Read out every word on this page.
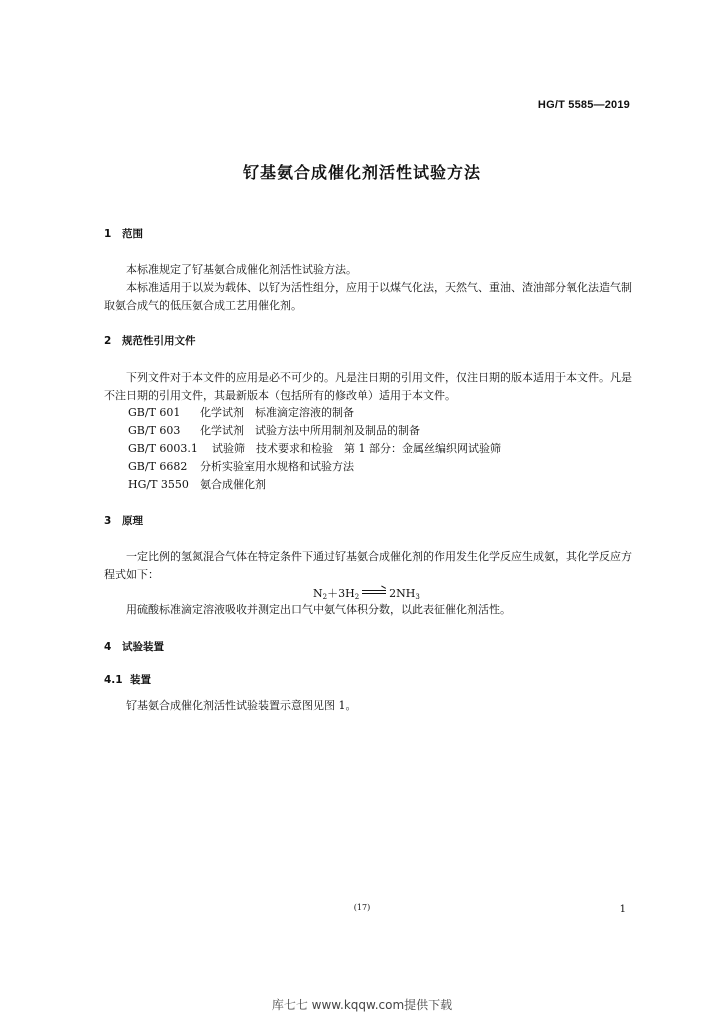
HG/T 5585—2019
钌基氨合成催化剂活性试验方法
1 范围
本标准规定了钌基氨合成催化剂活性试验方法。
本标准适用于以炭为载体、以钌为活性组分，应用于以煤气化法，天然气、重油、渣油部分氧化法造气制取氨合成气的低压氨合成工艺用催化剂。
2 规范性引用文件
下列文件对于本文件的应用是必不可少的。凡是注日期的引用文件，仅注日期的版本适用于本文件。凡是不注日期的引用文件，其最新版本（包括所有的修改单）适用于本文件。
GB/T 601 化学试剂　标准滴定溶液的制备
GB/T 603 化学试剂　试验方法中所用制剂及制品的制备
GB/T 6003.1 试验筛　技术要求和检验　第 1 部分：金属丝编织网试验筛
GB/T 6682 分析实验室用水规格和试验方法
HG/T 3550 氨合成催化剂
3 原理
一定比例的氢氮混合气体在特定条件下通过钌基氨合成催化剂的作用发生化学反应生成氨，其化学反应方程式如下：
$N_2+3H_2$	$2NH_3$
用硫酸标准滴定溶液吸收并测定出口气中氨气体积分数，以此表征催化剂活性。
4 试验装置
4.1 装置
钌基氨合成催化剂活性试验装置示意图见图 1。
(17)	1
库七七 www.kqqw.com提供下载
